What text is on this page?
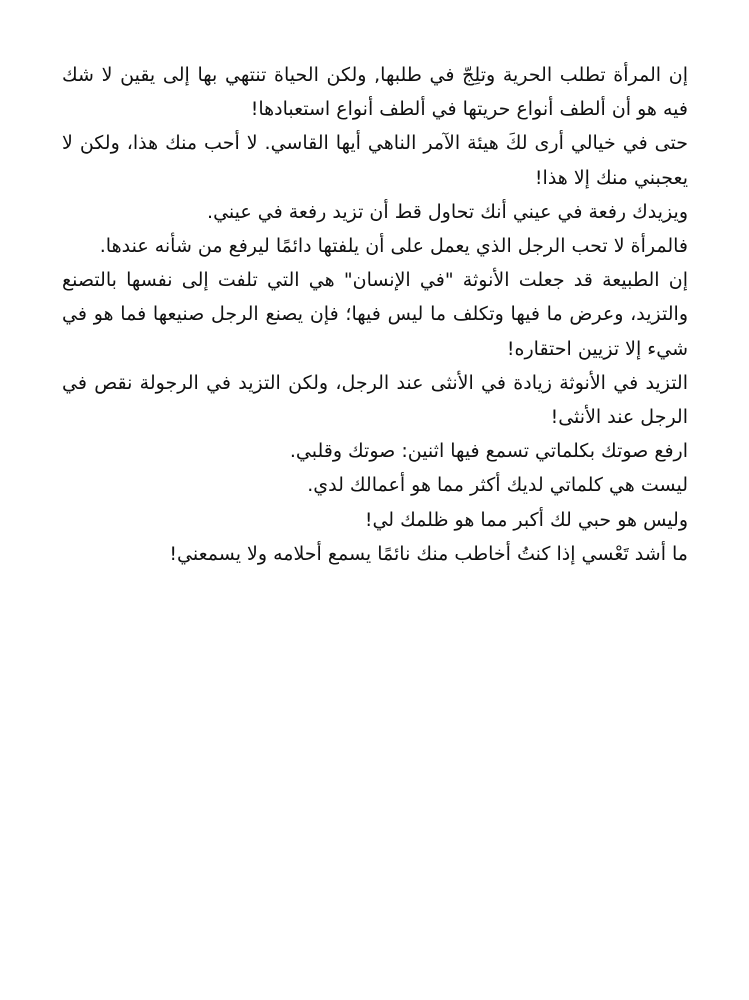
إن المرأة تطلب الحرية وتلِجّ في طلبها, ولكن الحياة تنتهي بها إلى يقين لا شك فيه هو أن ألطف أنواع حريتها في ألطف أنواع استعبادها!

حتى في خيالي أرى لكَ هيئة الآمر الناهي أيها القاسي. لا أحب منك هذا، ولكن لا يعجبني منك إلا هذا!

ويزيدك رفعة في عيني أنك تحاول قط أن تزيد رفعة في عيني.

فالمرأة لا تحب الرجل الذي يعمل على أن يلفتها دائمًا ليرفع من شأنه عندها.

إن الطبيعة قد جعلت الأنوثة "في الإنسان" هي التي تلفت إلى نفسها بالتصنع والتزيد، وعرض ما فيها وتكلف ما ليس فيها؛ فإن يصنع الرجل صنيعها فما هو في شيء إلا تزيين احتقاره!

التزيد في الأنوثة زيادة في الأنثى عند الرجل، ولكن التزيد في الرجولة نقص في الرجل عند الأنثى!

ارفع صوتك بكلماتي تسمع فيها اثنين: صوتك وقلبي.

ليست هي كلماتي لديك أكثر مما هو أعمالك لدي.

وليس هو حبي لك أكبر مما هو ظلمك لي!

ما أشد تَعْسي إذا كنتُ أخاطب منك نائمًا يسمع أحلامه ولا يسمعني!
